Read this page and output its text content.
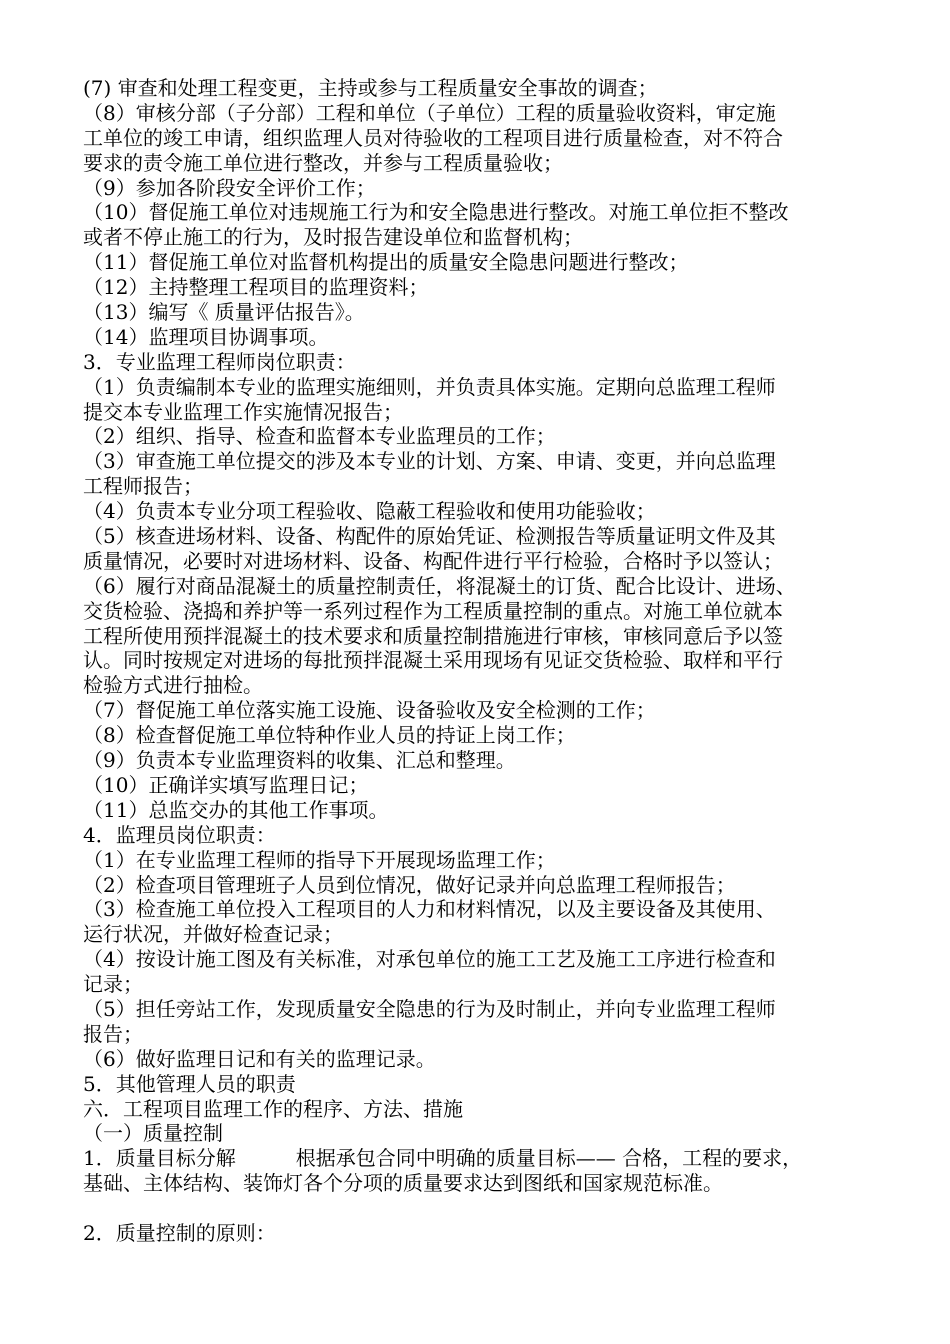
(7) 审查和处理工程变更，主持或参与工程质量安全事故的调查；
（8）审核分部（子分部）工程和单位（子单位）工程的质量验收资料，审定施
工单位的竣工申请，组织监理人员对待验收的工程项目进行质量检查，对不符合
要求的责令施工单位进行整改，并参与工程质量验收；
（9）参加各阶段安全评价工作；
（10）督促施工单位对违规施工行为和安全隐患进行整改。对施工单位拒不整改
或者不停止施工的行为，及时报告建设单位和监督机构；
（11）督促施工单位对监督机构提出的质量安全隐患问题进行整改；
（12）主持整理工程项目的监理资料；
（13）编写《 质量评估报告》。
（14）监理项目协调事项。
3．专业监理工程师岗位职责：
（1）负责编制本专业的监理实施细则，并负责具体实施。定期向总监理工程师
提交本专业监理工作实施情况报告；
（2）组织、指导、检查和监督本专业监理员的工作；
（3）审查施工单位提交的涉及本专业的计划、方案、申请、变更，并向总监理
工程师报告；
（4）负责本专业分项工程验收、隐蔽工程验收和使用功能验收；
（5）核查进场材料、设备、构配件的原始凭证、检测报告等质量证明文件及其
质量情况，必要时对进场材料、设备、构配件进行平行检验，合格时予以签认；
（6）履行对商品混凝土的质量控制责任，将混凝土的订货、配合比设计、进场、
交货检验、浇捣和养护等一系列过程作为工程质量控制的重点。对施工单位就本
工程所使用预拌混凝土的技术要求和质量控制措施进行审核，审核同意后予以签
认。同时按规定对进场的每批预拌混凝土采用现场有见证交货检验、取样和平行
检验方式进行抽检。
（7）督促施工单位落实施工设施、设备验收及安全检测的工作；
（8）检查督促施工单位特种作业人员的持证上岗工作；
（9）负责本专业监理资料的收集、汇总和整理。
（10）正确详实填写监理日记；
（11）总监交办的其他工作事项。
4．监理员岗位职责：
（1）在专业监理工程师的指导下开展现场监理工作；
（2）检查项目管理班子人员到位情况，做好记录并向总监理工程师报告；
（3）检查施工单位投入工程项目的人力和材料情况，以及主要设备及其使用、
运行状况，并做好检查记录；
（4）按设计施工图及有关标准，对承包单位的施工工艺及施工工序进行检查和
记录；
（5）担任旁站工作，发现质量安全隐患的行为及时制止，并向专业监理工程师
报告；
（6）做好监理日记和有关的监理记录。
5．其他管理人员的职责
六．工程项目监理工作的程序、方法、措施
（一）质量控制
1．质量目标分解　　　根据承包合同中明确的质量目标—— 合格，工程的要求，
基础、主体结构、装饰灯各个分项的质量要求达到图纸和国家规范标准。
2．质量控制的原则：
